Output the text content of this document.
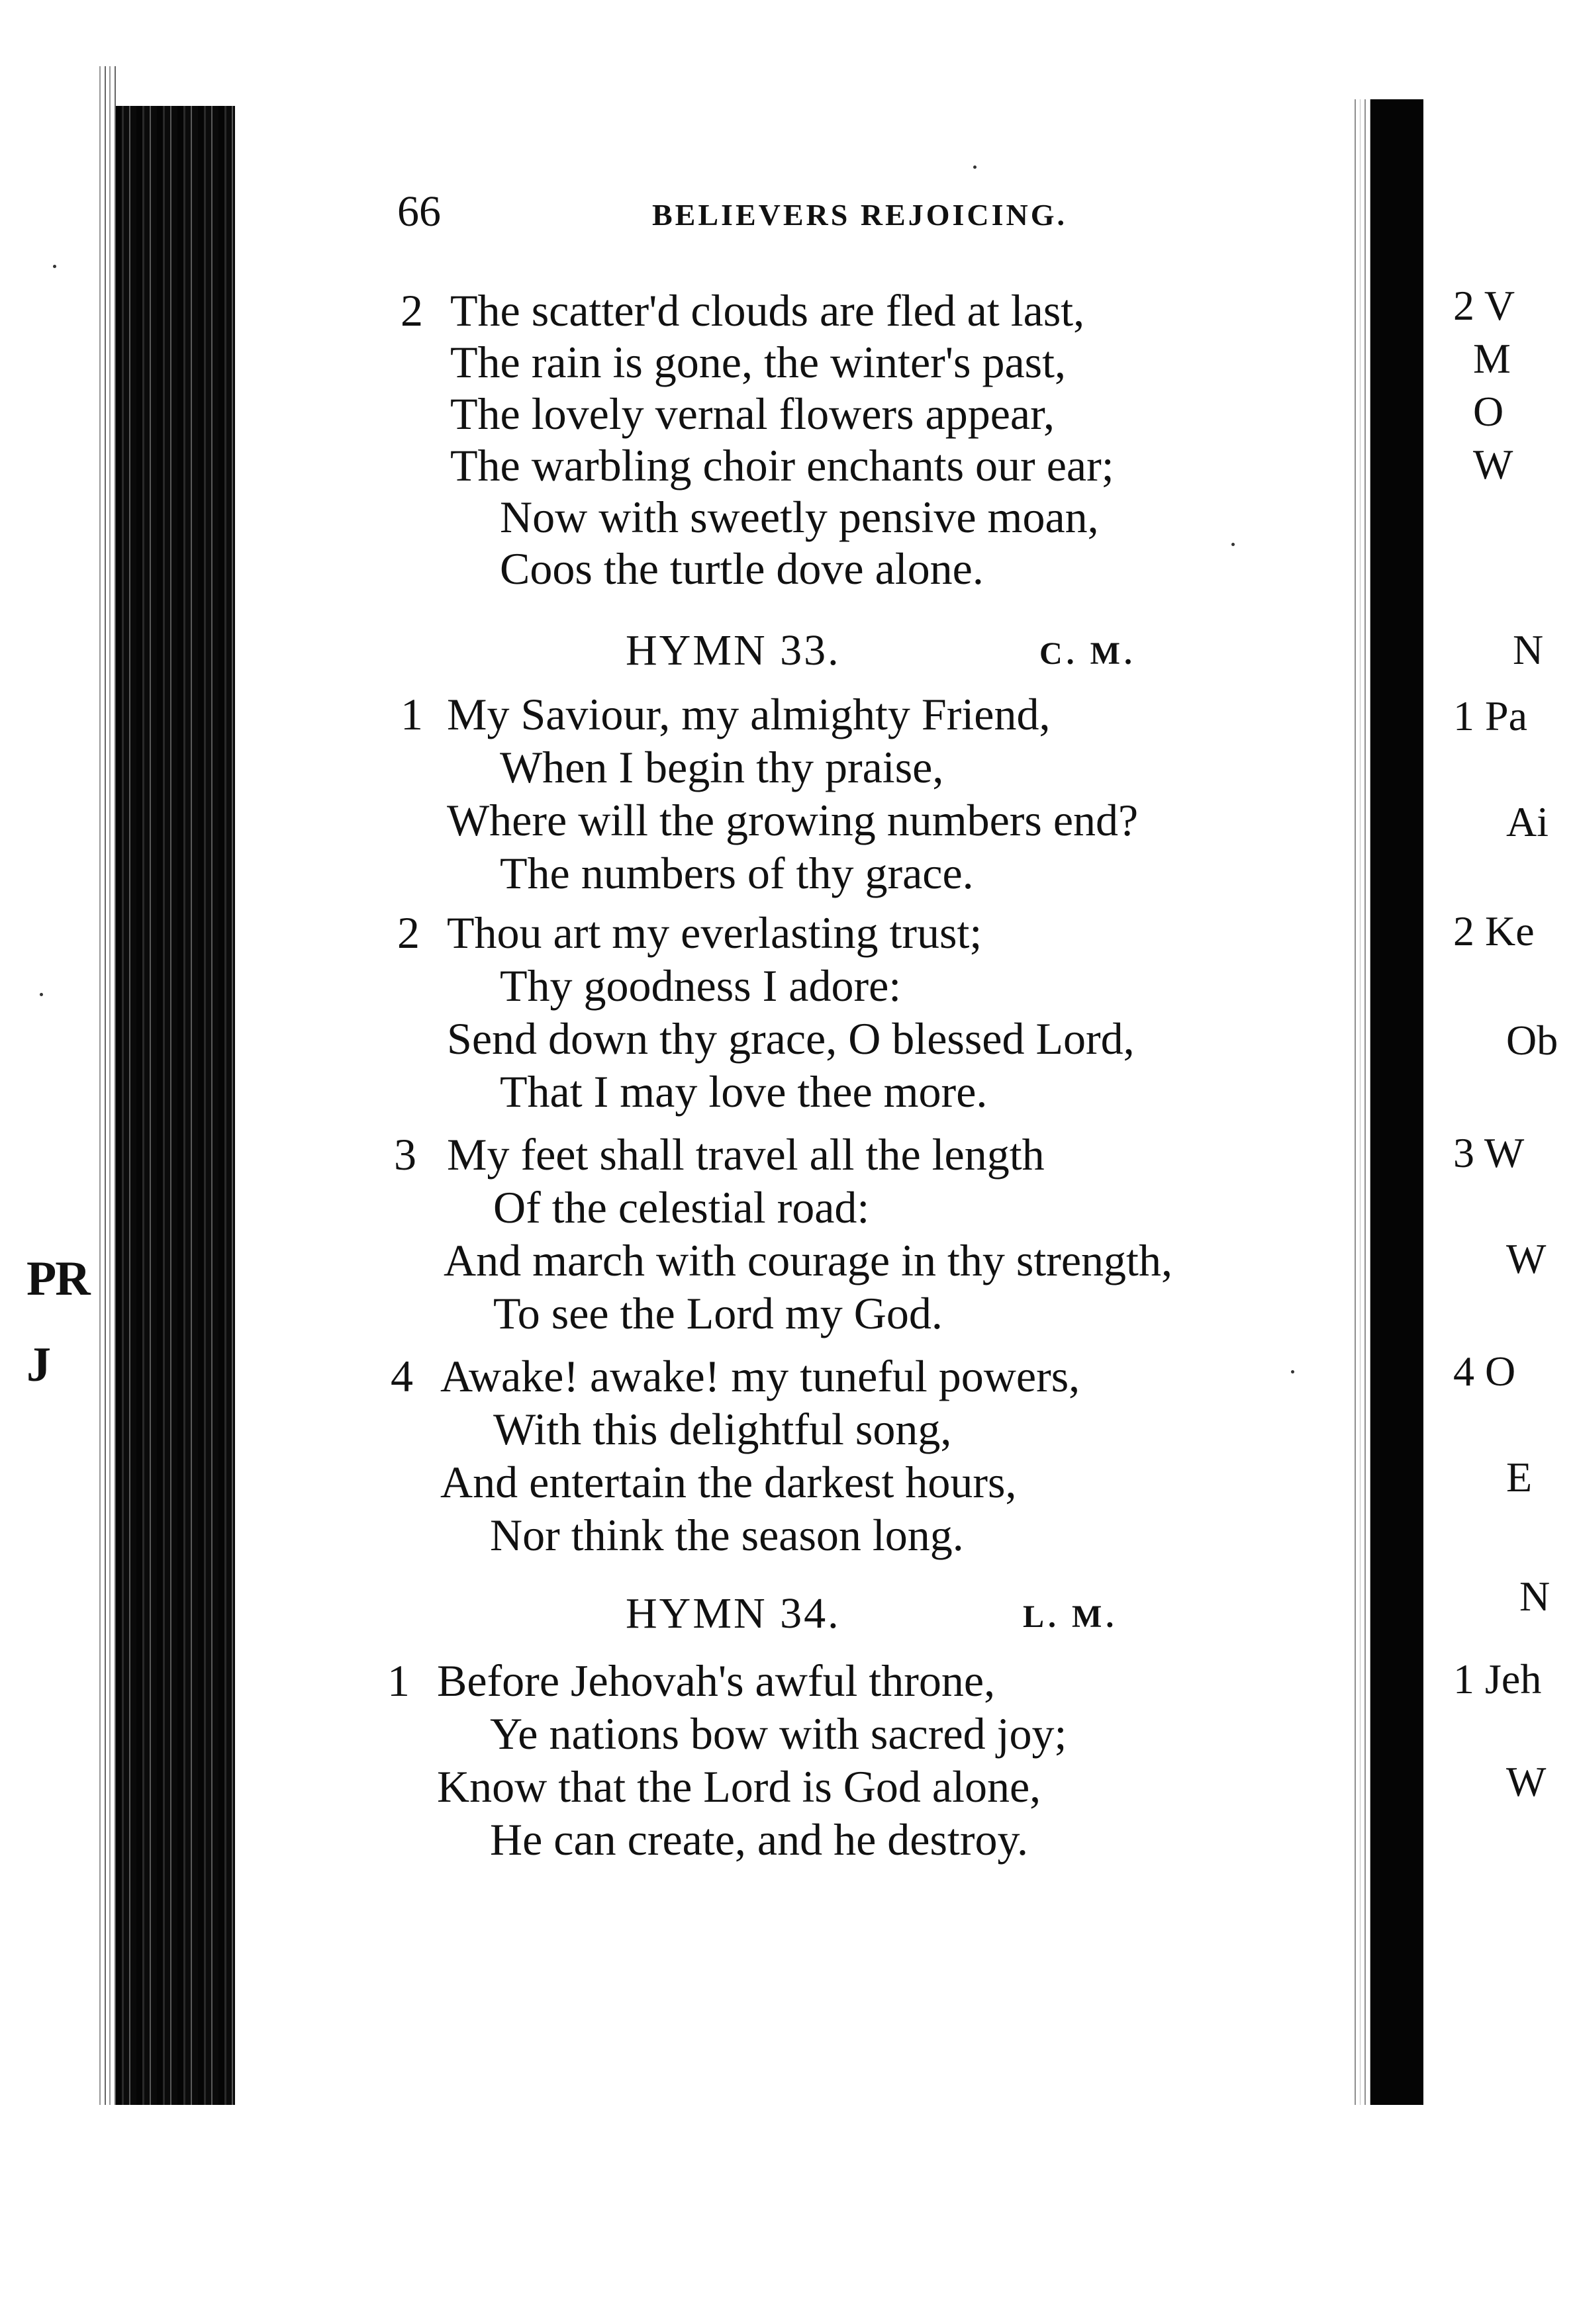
PR
J
2 V
M
O
W
N
1 Pa
Ai
2 Ke
Ob
3 W
W
4 O
E
N
1 Jeh
W
66	BELIEVERS REJOICING.
2 The scatter'd clouds are fled at last,
The rain is gone, the winter's past,
The lovely vernal flowers appear,
The warbling choir enchants our ear;
Now with sweetly pensive moan,
Coos the turtle dove alone.
HYMN 33.	C. M.
1 My Saviour, my almighty Friend,
When I begin thy praise,
Where will the growing numbers end?
The numbers of thy grace.
2 Thou art my everlasting trust;
Thy goodness I adore:
Send down thy grace, O blessed Lord,
That I may love thee more.
3 My feet shall travel all the length
Of the celestial road:
And march with courage in thy strength,
To see the Lord my God.
4 Awake! awake! my tuneful powers,
With this delightful song,
And entertain the darkest hours,
Nor think the season long.
HYMN 34.	L. M.
1 Before Jehovah's awful throne,
Ye nations bow with sacred joy;
Know that the Lord is God alone,
He can create, and he destroy.
